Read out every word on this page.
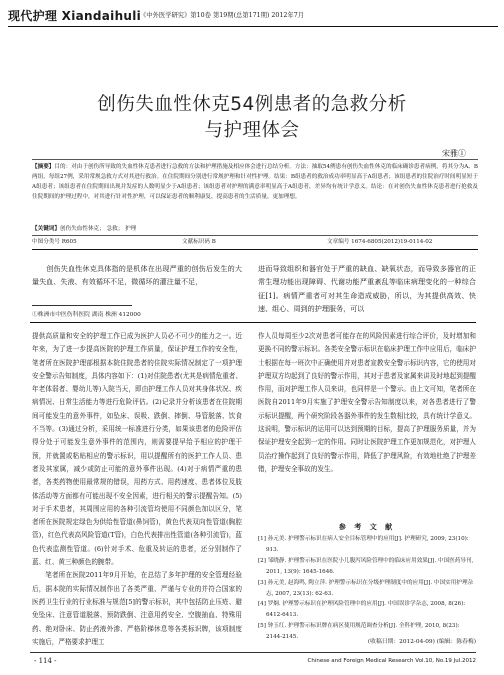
现代护理 Xiandaihuli
《中外医学研究》第10卷 第19期(总第171期) 2012年7月
创伤失血性休克54例患者的急救分析
与护理体会
宋雅①
【摘要】目的：对由于创伤所导致的失血性休克患者进行急救的方法和护理措施及相应体会进行总结分析。方法：抽取54例患有创伤失血性休克的临床确诊患者病例，将其分为A、B两组，每组27例，采用常规急救方式对其进行救治。在住院期间分别进行常规护理和针对性护理。结果：B组患者的救治成功率明显高于A组患者；该组患者的住院治疗时间明显短于A组患者；该组患者在住院期间出现并发症的人数明显少于A组患者；该组患者对护理的满意率明显高于A组患者，差异均有统计学意义。结论：在对创伤失血性休克患者进行抢救及住院期间的护理过程中，对其进行针对性护理，可以保证患者的顺利康复，提高患者的生活质量，更加理想。
【关键词】创伤失血性休克； 急救； 护理
中图分类号 R605	文献标识码 B	文章编号 1674-6805(2012)19-0114-02

创伤失血性休克具体指的是机体在出现严重的创伤后发生的大量失血、失液、有效循环不足，微循环的灌注量不足，

进而导致组织和器官处于严重的缺血、缺氧状态，而导致多器官的正常生理功能出现障碍、代谢功能严重紊乱等临床病理变化的一种综合征[1]。病情严重者可对其生命造成威胁，所以，为其提供高效、快速、组心、周到的护理服务，可以

①株洲市中医伤科医院 湖南 株洲 412000

提供高质量和安全的护理工作已成为医护人员必不可少的能力之一。近年来，为了进一步提高医院的护理工作质量，保证护理工作的安全性，笔者所在医院护理部根据本院住院患者的住院实际情况制定了一项护理安全警示告知制度，具体内容如下：(1)对住院患者(尤其是病情危重者、年老体弱者、婴幼儿等)入院当天，即由护理工作人员对其身体状况、疾病情况、日常生活能力等进行危险评估。(2)记录并分析该患者在住院期间可能发生的意外事件，如坠床、误吸、跌倒、摔倒、导管脱落、饮食不当等。(3)通过分析，采用统一标准进行分类，如果该患者的危险评估得分处于可能发生意外事件的范围内，则需要提早给予相应的护理干预，并就置或粘贴相应的警示标识，用以提醒所有的医护工作人员、患者及其家属，减少或防止可能的意外事件出现。(4)对于病情严重的患者，各类药物使用最常规的错误，用药方式、用药速度、患者体位及肢体活动等方面都有可能出现不安全因素，进行相关的警示提醒告知。(5)对于手术患者，其周围应用的各种引流管均使用不同颜色加以区分，笔者所在医院规定绿色为供给性管道(鼻饲管)，黄色代表双向性管道(胸腔管)，红色代表高风险管道(T管)，白色代表排出性管道(各种引流管)，蓝色代表监测性管道。(6)针对手术、危重及转运的患者，还分别制作了蓝、红、黄三种颜色的腕带。

笔者所在医院2011年9月开始，在总结了多年护理的安全管理经验后，据本院的实际情况制作出了各类严重、严谨与专业的并符合国家的医药卫生行业的行业标准与规范[5]的警示标识，其中包括防止压疮、避免坠床、注意管道脱落、预防跌倒、注意用药安全、空腹抽血、特殊用药、绝对卧床、防止药液外渗、严格阶梯休息等各类标识牌，该项制度实施后，严格要求护理工

作人员每周至少2次对患者可能存在的风险因素进行综合评价，及时增加和更换不同的警示标识。各类安全警示标识在临床护理工作中应用后，临床护士根据在每一班次中正确使用并对患者宣教安全警示标识内容，它的使用对护理双方均起到了良好的警示作用，其对于患者及家属来讲及时地起到提醒作用，而对护理工作人员来讲，也同样是一个警示。由上文可知，笔者所在医院自2011年9月实施了护理安全警示告知制度以来，对各患者进行了警示标识提醒，两个研究阶段各器外事件的发生数相比较，具有统计学意义。这说明，警示标识的运用可以达到预期的目标，提高了护理服务质量，并为保证护理安全起到一定的作用。同时让医院护理工作更加规范化，对护理人员治疗操作起到了良好的警示作用，降低了护理风险，有效地杜绝了护理差错，护理安全事故的发生。

参 考 文 献
[1] 孙元美. 护理警示标识在病人安全目标管理中的应用[J]. 护理研究, 2009, 23(10): 913.
[2] 邹晓静. 护理警示标识在医院小儿腹泻风险管理中的临床应用效果[J]. 中国医药导刊, 2011, 13(9): 1645-1646.
[3] 孙元美, 赵海鸣, 陶立萍. 护理警示标识在分级护理制度中的应用[J]. 中国实用护理杂志, 2007, 23(13): 62-63.
[4] 罗炯. 护理警示标识在护理风险管理中的应用[J]. 中国误诊学杂志, 2008, 8(26): 6412-6413.
[5] 钟玉红. 护理警示标识牌在病区使用规范调查分析[J]. 全科护理, 2010, 8(23): 2144-2145.
(收稿日期：2012-04-09) (编辑：陈春梅)
- 114 -	Chinese and Foreign Medical Research Vol.10, No.19 Jul.2012
